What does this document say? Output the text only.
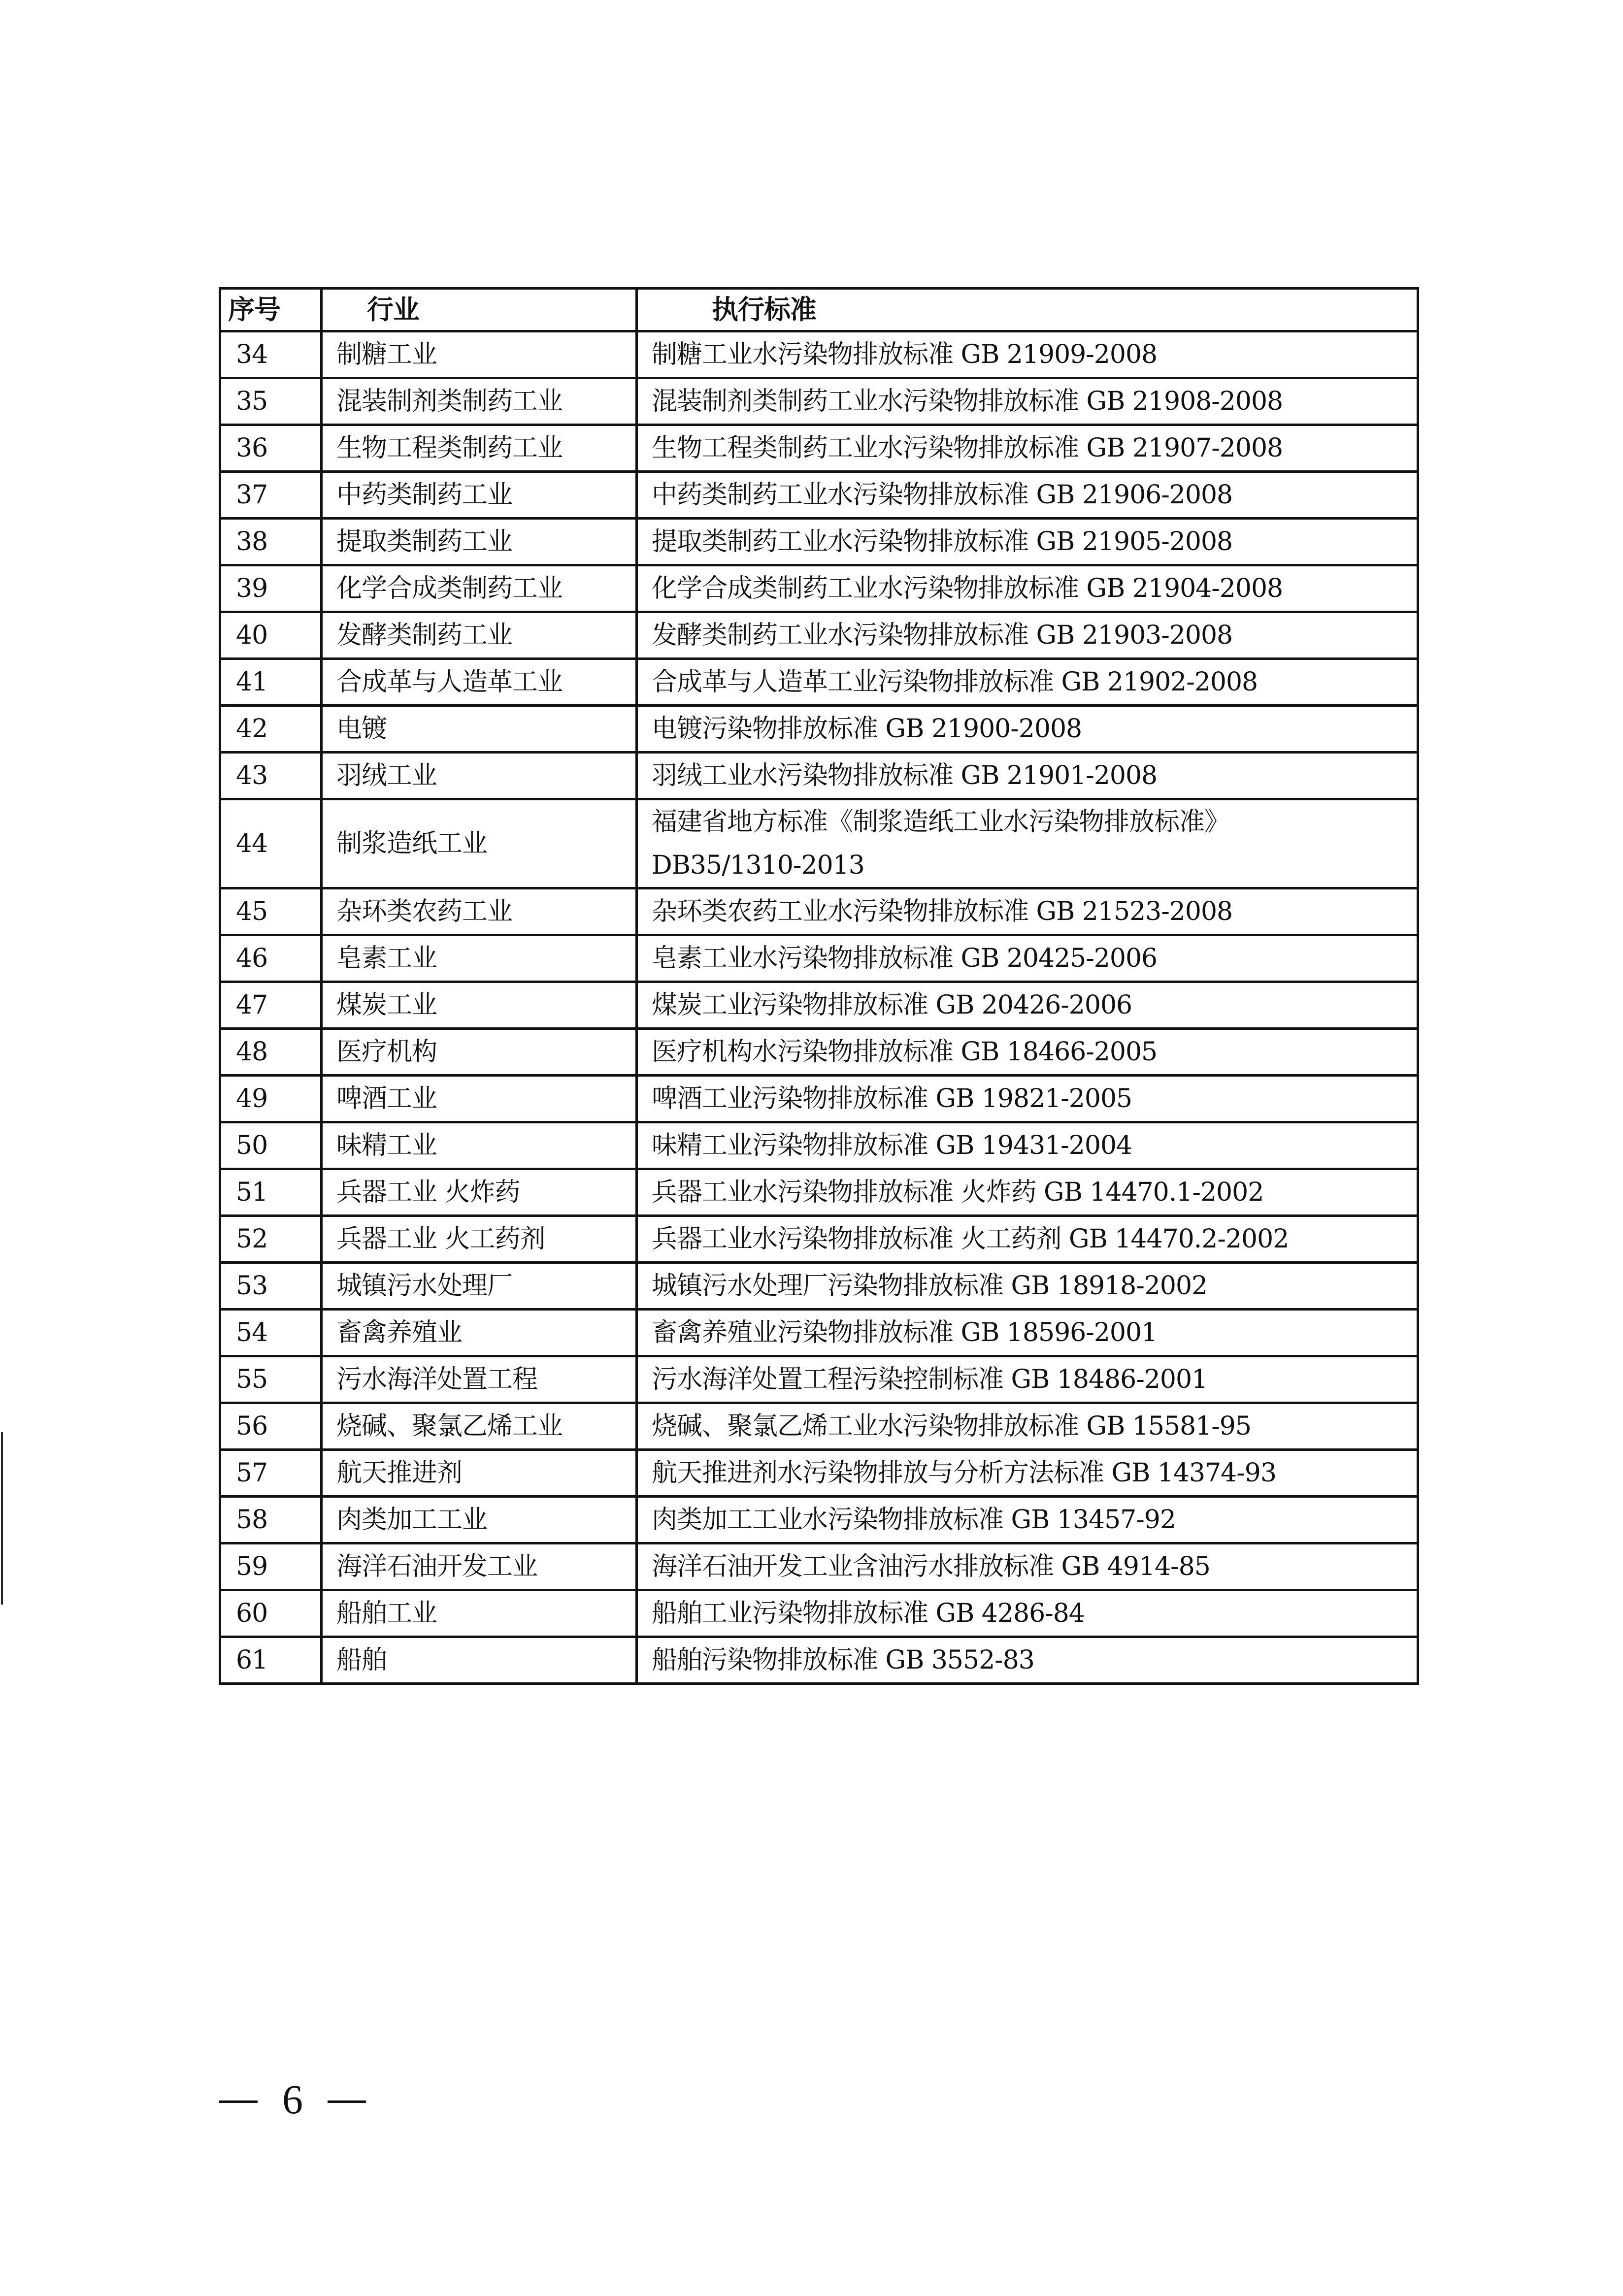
序号	行业	执行标准
34	制糖工业	制糖工业水污染物排放标准 GB 21909-2008

35	混装制剂类制药工业	混装制剂类制药工业水污染物排放标准 GB 21908-2008

36	生物工程类制药工业	生物工程类制药工业水污染物排放标准 GB 21907-2008

37	中药类制药工业	中药类制药工业水污染物排放标准 GB 21906-2008

38	提取类制药工业	提取类制药工业水污染物排放标准 GB 21905-2008

39	化学合成类制药工业	化学合成类制药工业水污染物排放标准 GB 21904-2008

40	发酵类制药工业	发酵类制药工业水污染物排放标准 GB 21903-2008

41	合成革与人造革工业	合成革与人造革工业污染物排放标准 GB 21902-2008

42	电镀	电镀污染物排放标准 GB 21900-2008

43	羽绒工业	羽绒工业水污染物排放标准 GB 21901-2008

44	制浆造纸工业	福建省地方标准《制浆造纸工业水污染物排放标准》
DB35/1310-2013

45	杂环类农药工业	杂环类农药工业水污染物排放标准 GB 21523-2008

46	皂素工业	皂素工业水污染物排放标准 GB 20425-2006

47	煤炭工业	煤炭工业污染物排放标准 GB 20426-2006

48	医疗机构	医疗机构水污染物排放标准 GB 18466-2005

49	啤酒工业	啤酒工业污染物排放标准 GB 19821-2005

50	味精工业	味精工业污染物排放标准 GB 19431-2004

51	兵器工业 火炸药	兵器工业水污染物排放标准 火炸药 GB 14470.1-2002

52	兵器工业 火工药剂	兵器工业水污染物排放标准 火工药剂 GB 14470.2-2002

53	城镇污水处理厂	城镇污水处理厂污染物排放标准 GB 18918-2002

54	畜禽养殖业	畜禽养殖业污染物排放标准 GB 18596-2001

55	污水海洋处置工程	污水海洋处置工程污染控制标准 GB 18486-2001

56	烧碱、聚氯乙烯工业	烧碱、聚氯乙烯工业水污染物排放标准 GB 15581-95

57	航天推进剂	航天推进剂水污染物排放与分析方法标准 GB 14374-93

58	肉类加工工业	肉类加工工业水污染物排放标准 GB 13457-92

59	海洋石油开发工业	海洋石油开发工业含油污水排放标准 GB 4914-85

60	船舶工业	船舶工业污染物排放标准 GB 4286-84

61	船舶	船舶污染物排放标准 GB 3552-83
6
